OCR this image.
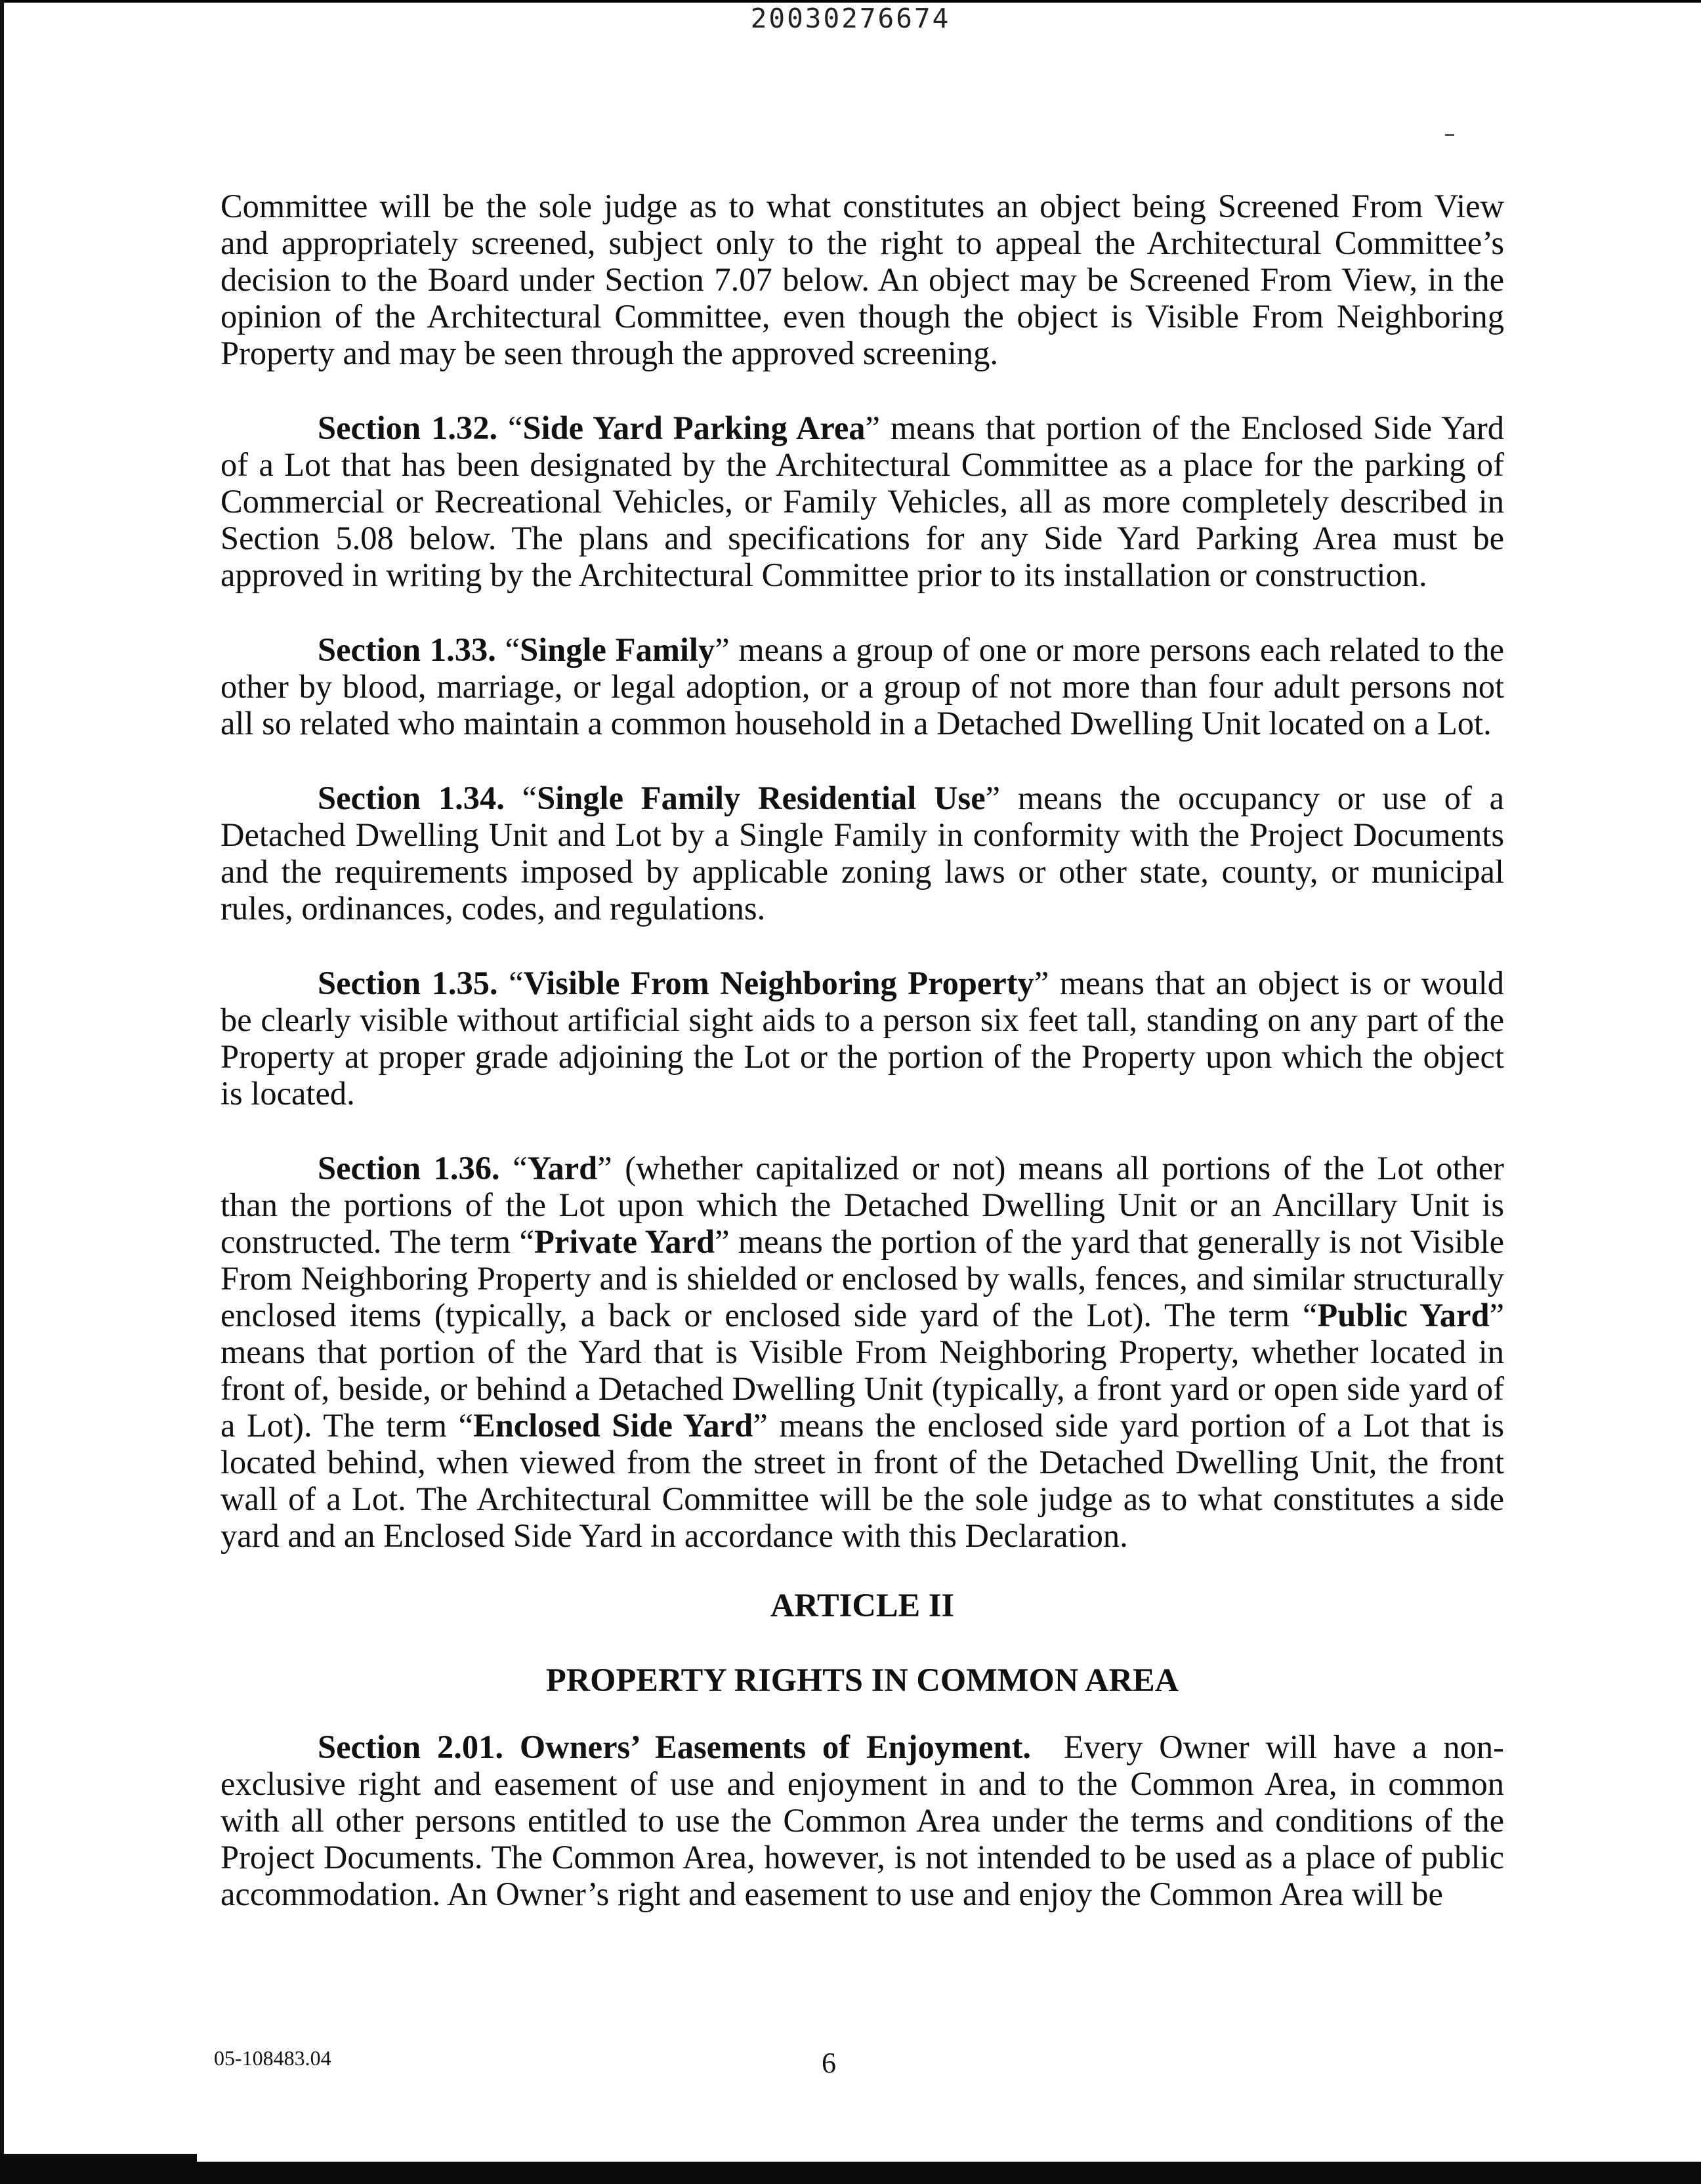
20030276674

Committee will be the sole judge as to what constitutes an object being Screened From View and appropriately screened, subject only to the right to appeal the Architectural Committee’s decision to the Board under Section 7.07 below. An object may be Screened From View, in the opinion of the Architectural Committee, even though the object is Visible From Neighboring Property and may be seen through the approved screening.

Section 1.32. “Side Yard Parking Area” means that portion of the Enclosed Side Yard of a Lot that has been designated by the Architectural Committee as a place for the parking of Commercial or Recreational Vehicles, or Family Vehicles, all as more completely described in Section 5.08 below. The plans and specifications for any Side Yard Parking Area must be approved in writing by the Architectural Committee prior to its installation or construction.

Section 1.33. “Single Family” means a group of one or more persons each related to the other by blood, marriage, or legal adoption, or a group of not more than four adult persons not all so related who maintain a common household in a Detached Dwelling Unit located on a Lot.

Section 1.34. “Single Family Residential Use” means the occupancy or use of a Detached Dwelling Unit and Lot by a Single Family in conformity with the Project Documents and the requirements imposed by applicable zoning laws or other state, county, or municipal rules, ordinances, codes, and regulations.

Section 1.35. “Visible From Neighboring Property” means that an object is or would be clearly visible without artificial sight aids to a person six feet tall, standing on any part of the Property at proper grade adjoining the Lot or the portion of the Property upon which the object is located.

Section 1.36. “Yard” (whether capitalized or not) means all portions of the Lot other than the portions of the Lot upon which the Detached Dwelling Unit or an Ancillary Unit is constructed. The term “Private Yard” means the portion of the yard that generally is not Visible From Neighboring Property and is shielded or enclosed by walls, fences, and similar structurally enclosed items (typically, a back or enclosed side yard of the Lot). The term “Public Yard” means that portion of the Yard that is Visible From Neighboring Property, whether located in front of, beside, or behind a Detached Dwelling Unit (typically, a front yard or open side yard of a Lot). The term “Enclosed Side Yard” means the enclosed side yard portion of a Lot that is located behind, when viewed from the street in front of the Detached Dwelling Unit, the front wall of a Lot. The Architectural Committee will be the sole judge as to what constitutes a side yard and an Enclosed Side Yard in accordance with this Declaration.

ARTICLE II

PROPERTY RIGHTS IN COMMON AREA

Section 2.01. Owners’ Easements of Enjoyment. Every Owner will have a non-exclusive right and easement of use and enjoyment in and to the Common Area, in common with all other persons entitled to use the Common Area under the terms and conditions of the Project Documents. The Common Area, however, is not intended to be used as a place of public accommodation. An Owner’s right and easement to use and enjoy the Common Area will be

05-108483.04	6
